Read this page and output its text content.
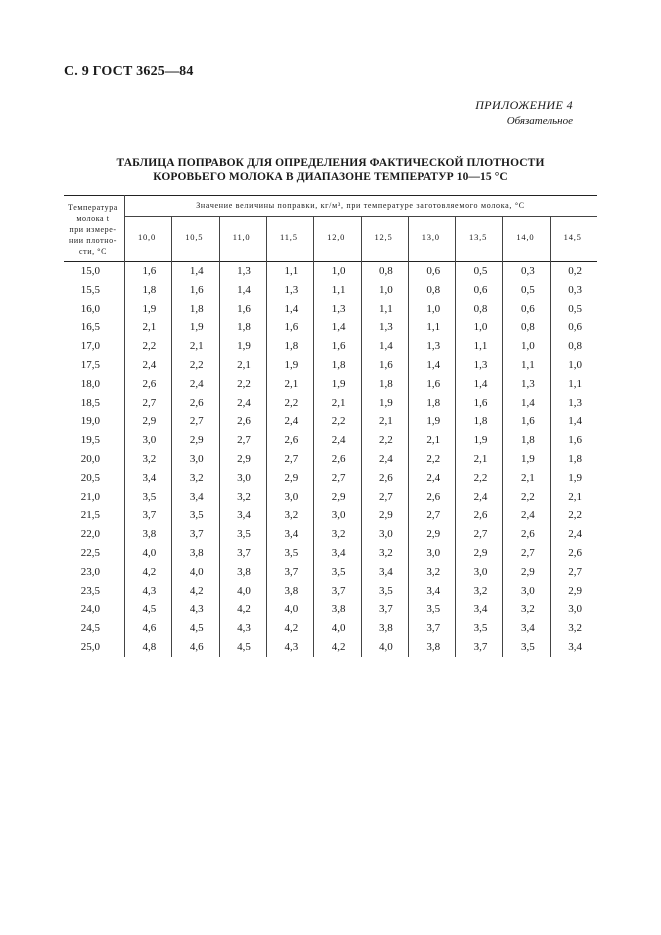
С. 9 ГОСТ 3625—84
ПРИЛОЖЕНИЕ 4
Обязательное
ТАБЛИЦА ПОПРАВОК ДЛЯ ОПРЕДЕЛЕНИЯ ФАКТИЧЕСКОЙ ПЛОТНОСТИ
КОРОВЬЕГО МОЛОКА В ДИАПАЗОНЕ ТЕМПЕРАТУР 10—15 °С
Температура
молока t
при измере-
нии плотно-
сти, °С
Значение величины поправки, кг/м³, при температуре заготовляемого молока, °С
10,0	10,5	11,0	11,5	12,0	12,5	13,0	13,5	14,0	14,5
15,0	1,6	1,4	1,3	1,1	1,0	0,8	0,6	0,5	0,3	0,2
15,5	1,8	1,6	1,4	1,3	1,1	1,0	0,8	0,6	0,5	0,3
16,0	1,9	1,8	1,6	1,4	1,3	1,1	1,0	0,8	0,6	0,5
16,5	2,1	1,9	1,8	1,6	1,4	1,3	1,1	1,0	0,8	0,6
17,0	2,2	2,1	1,9	1,8	1,6	1,4	1,3	1,1	1,0	0,8
17,5	2,4	2,2	2,1	1,9	1,8	1,6	1,4	1,3	1,1	1,0
18,0	2,6	2,4	2,2	2,1	1,9	1,8	1,6	1,4	1,3	1,1
18,5	2,7	2,6	2,4	2,2	2,1	1,9	1,8	1,6	1,4	1,3
19,0	2,9	2,7	2,6	2,4	2,2	2,1	1,9	1,8	1,6	1,4
19,5	3,0	2,9	2,7	2,6	2,4	2,2	2,1	1,9	1,8	1,6
20,0	3,2	3,0	2,9	2,7	2,6	2,4	2,2	2,1	1,9	1,8
20,5	3,4	3,2	3,0	2,9	2,7	2,6	2,4	2,2	2,1	1,9
21,0	3,5	3,4	3,2	3,0	2,9	2,7	2,6	2,4	2,2	2,1
21,5	3,7	3,5	3,4	3,2	3,0	2,9	2,7	2,6	2,4	2,2
22,0	3,8	3,7	3,5	3,4	3,2	3,0	2,9	2,7	2,6	2,4
22,5	4,0	3,8	3,7	3,5	3,4	3,2	3,0	2,9	2,7	2,6
23,0	4,2	4,0	3,8	3,7	3,5	3,4	3,2	3,0	2,9	2,7
23,5	4,3	4,2	4,0	3,8	3,7	3,5	3,4	3,2	3,0	2,9
24,0	4,5	4,3	4,2	4,0	3,8	3,7	3,5	3,4	3,2	3,0
24,5	4,6	4,5	4,3	4,2	4,0	3,8	3,7	3,5	3,4	3,2
25,0	4,8	4,6	4,5	4,3	4,2	4,0	3,8	3,7	3,5	3,4
